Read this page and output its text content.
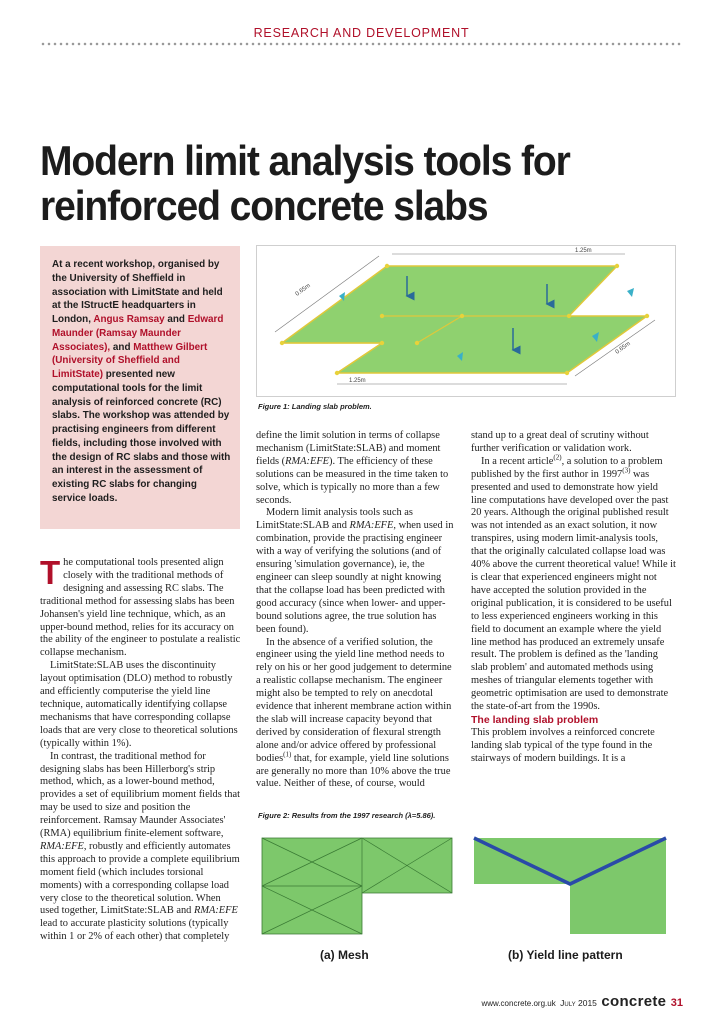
RESEARCH AND DEVELOPMENT
Modern limit analysis tools for
reinforced concrete slabs
At a recent workshop, organised by the University of Sheffield in association with LimitState and held at the IStructE headquarters in London, Angus Ramsay and Edward Maunder (Ramsay Maunder Associates), and Matthew Gilbert (University of Sheffield and LimitState) presented new computational tools for the limit analysis of reinforced concrete (RC) slabs. The workshop was attended by practising engineers from different fields, including those involved with the design of RC slabs and those with an interest in the assessment of existing RC slabs for changing service loads.
1.25m
0.65m
1.25m
0.65m
Figure 1: Landing slab problem.

The computational tools presented align closely with the traditional methods of designing and assessing RC slabs. The traditional method for assessing slabs has been Johansen's yield line technique, which, as an upper-bound method, relies for its accuracy on the ability of the engineer to postulate a realistic collapse mechanism.

LimitState:SLAB uses the discontinuity layout optimisation (DLO) method to robustly and efficiently computerise the yield line technique, automatically identifying collapse mechanisms that have corresponding collapse loads that are very close to theoretical solutions (typically within 1%).

In contrast, the traditional method for designing slabs has been Hillerborg's strip method, which, as a lower-bound method, provides a set of equilibrium moment fields that may be used to size and position the reinforcement. Ramsay Maunder Associates' (RMA) equilibrium finite-element software, RMA:EFE, robustly and efficiently automates this approach to provide a complete equilibrium moment field (which includes torsional moments) with a corresponding collapse load very close to the theoretical solution. When used together, LimitState:SLAB and RMA:EFE lead to accurate plasticity solutions (typically within 1 or 2% of each other) that completely

define the limit solution in terms of collapse mechanism (LimitState:SLAB) and moment fields (RMA:EFE). The efficiency of these solutions can be measured in the time taken to solve, which is typically no more than a few seconds.

Modern limit analysis tools such as LimitState:SLAB and RMA:EFE, when used in combination, provide the practising engineer with a way of verifying the solutions (and of ensuring 'simulation governance), ie, the engineer can sleep soundly at night knowing that the collapse load has been predicted with good accuracy (since when lower- and upper-bound solutions agree, the true solution has been found).

In the absence of a verified solution, the engineer using the yield line method needs to rely on his or her good judgement to determine a realistic collapse mechanism. The engineer might also be tempted to rely on anecdotal evidence that inherent membrane action within the slab will increase capacity beyond that derived by consideration of flexural strength alone and/or advice offered by professional bodies$^{(1)}$ that, for example, yield line solutions are generally no more than 10% above the true value. Neither of these, of course, would

stand up to a great deal of scrutiny without further verification or validation work.

In a recent article$^{(2)}$, a solution to a problem published by the first author in 1997$^{(3)}$ was presented and used to demonstrate how yield line computations have developed over the past 20 years. Although the original published result was not intended as an exact solution, it now transpires, using modern limit-analysis tools, that the originally calculated collapse load was 40% above the current theoretical value! While it is clear that experienced engineers might not have accepted the solution provided in the original publication, it is considered to be useful to less experienced engineers working in this field to document an example where the yield line method has produced an extremely unsafe result. The problem is defined as the 'landing slab problem' and automated methods using meshes of triangular elements together with geometric optimisation are used to demonstrate the state-of-art from the 1990s.

The landing slab problem

This problem involves a reinforced concrete landing slab typical of the type found in the stairways of modern buildings. It is a

Figure 2: Results from the 1997 research (λ=5.86).
(a) Mesh	(b) Yield line pattern
www.concrete.org.uk July 2015 concrete 31
